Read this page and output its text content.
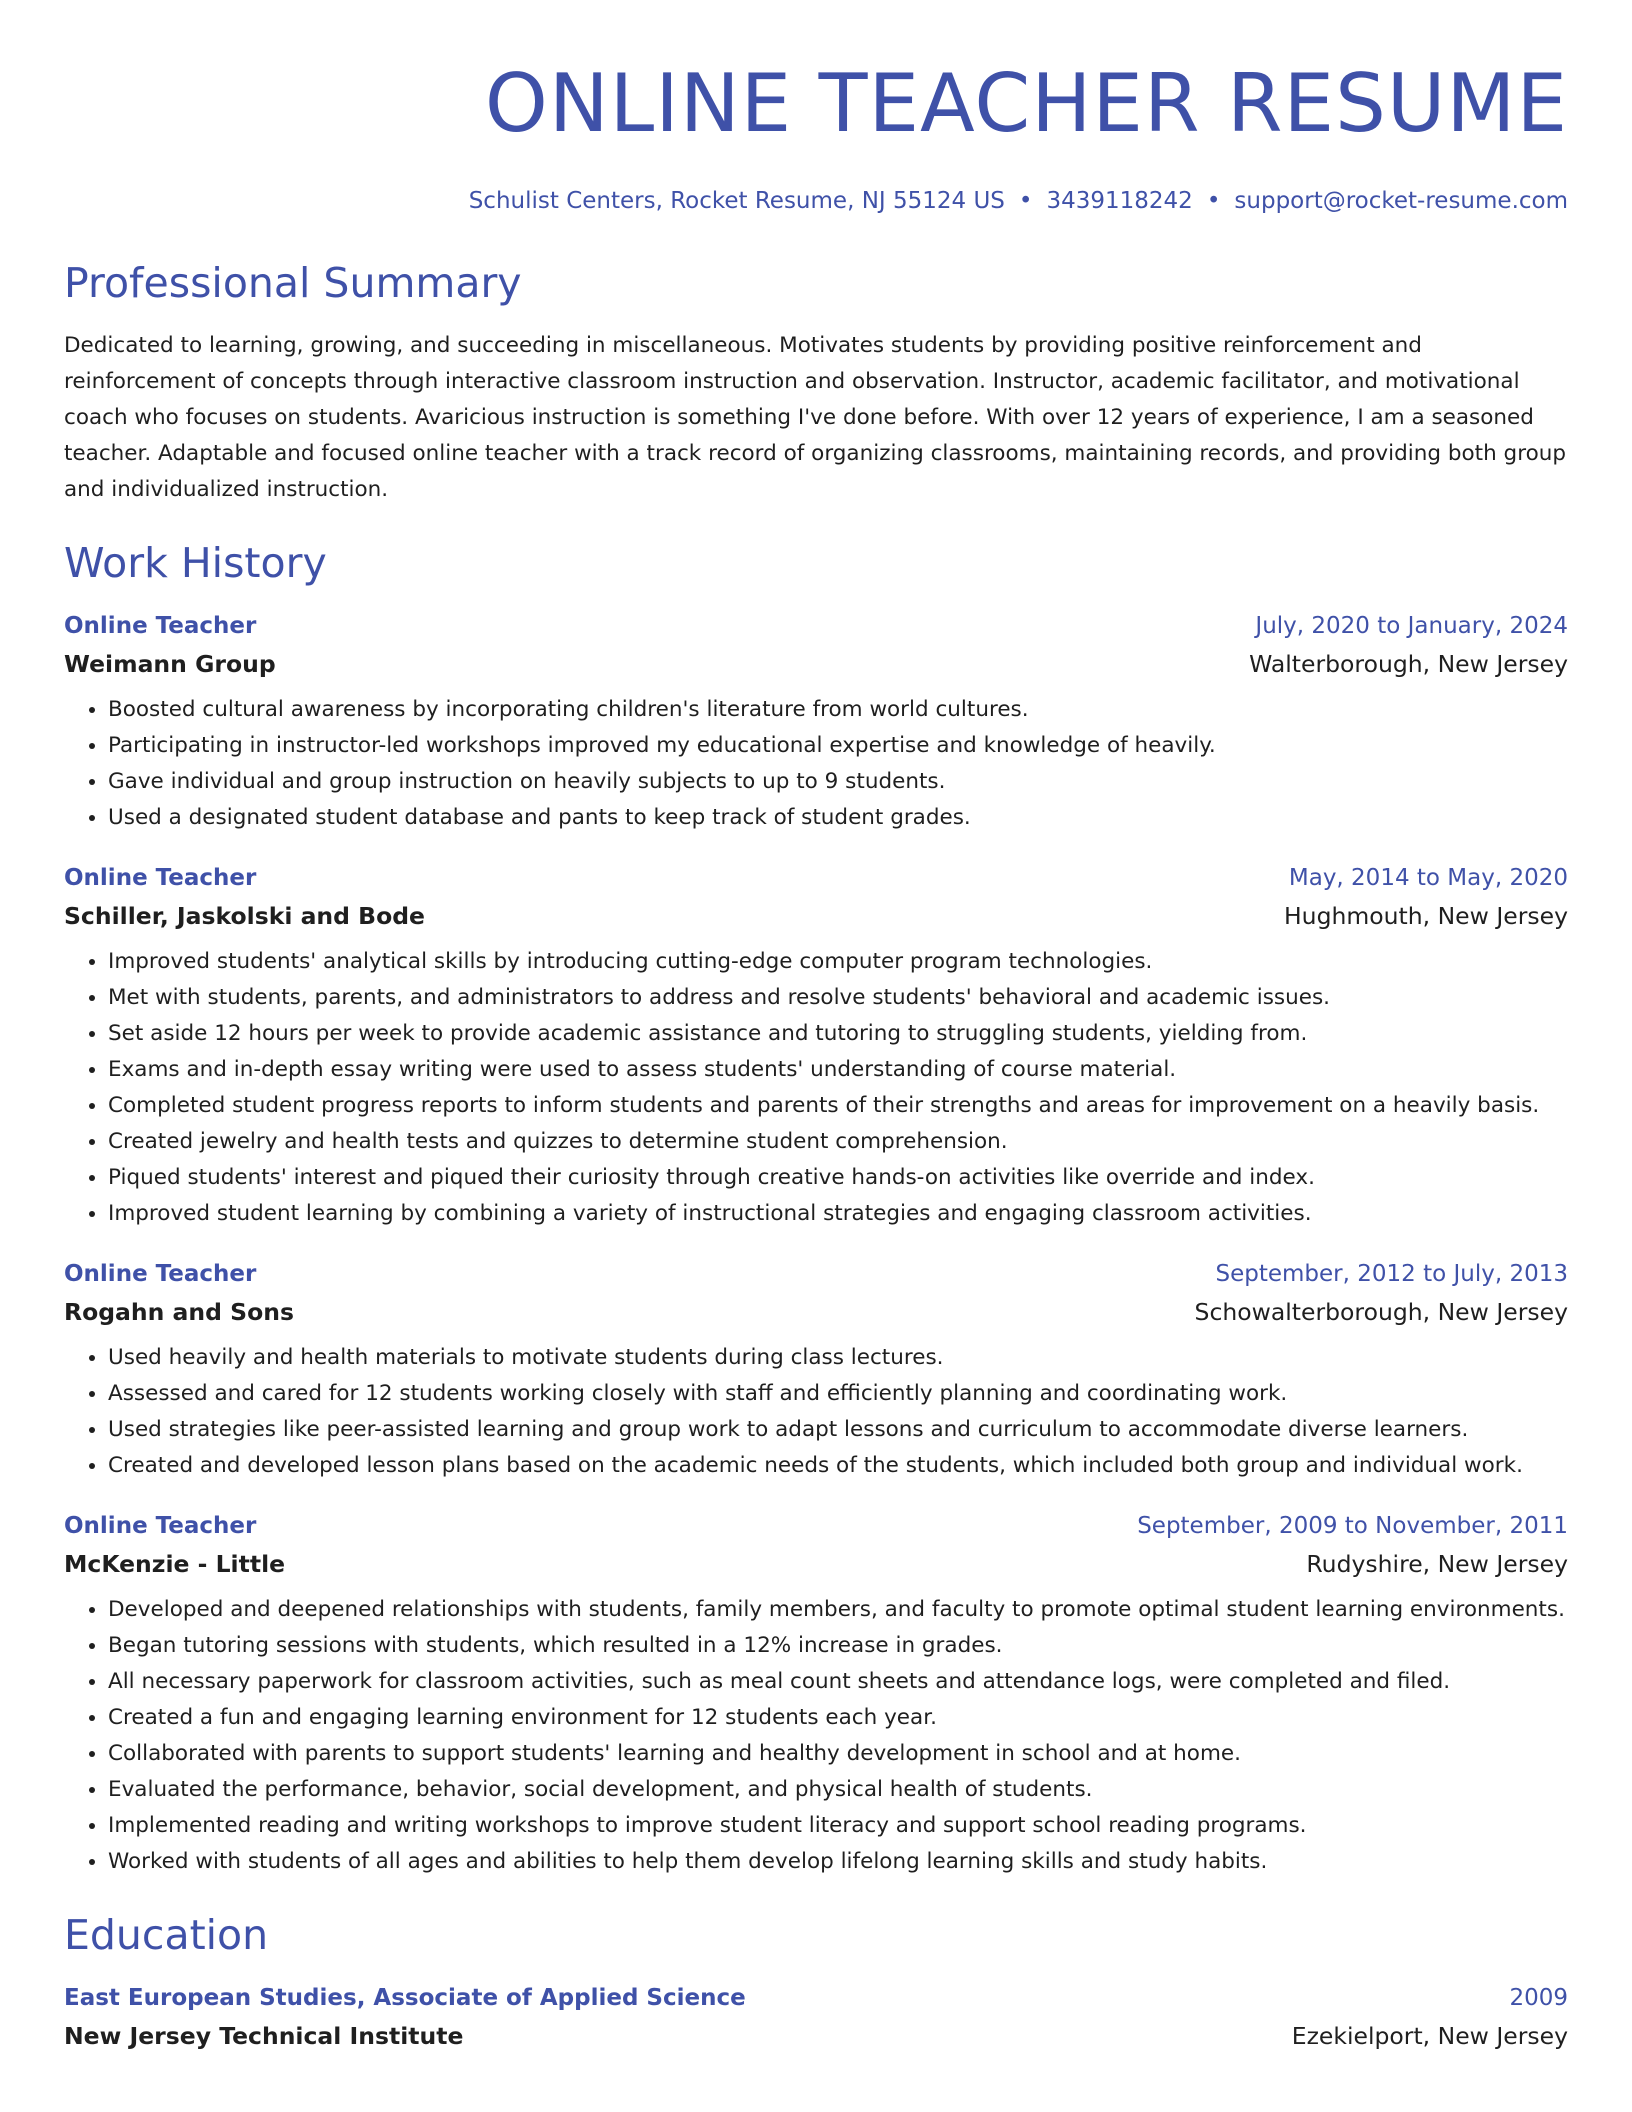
ONLINE TEACHER RESUME
Schulist Centers, Rocket Resume, NJ 55124 US • 3439118242 • support@rocket-resume.com
Professional Summary

Dedicated to learning, growing, and succeeding in miscellaneous. Motivates students by providing positive reinforcement and reinforcement of concepts through interactive classroom instruction and observation. Instructor, academic facilitator, and motivational coach who focuses on students. Avaricious instruction is something I've done before. With over 12 years of experience, I am a seasoned teacher. Adaptable and focused online teacher with a track record of organizing classrooms, maintaining records, and providing both group and individualized instruction.

Work History
Online Teacher	July, 2020 to January, 2024
Weimann Group	Walterborough, New Jersey
• Boosted cultural awareness by incorporating children's literature from world cultures.
• Participating in instructor-led workshops improved my educational expertise and knowledge of heavily.
• Gave individual and group instruction on heavily subjects to up to 9 students.
• Used a designated student database and pants to keep track of student grades.
Online Teacher	May, 2014 to May, 2020
Schiller, Jaskolski and Bode	Hughmouth, New Jersey
• Improved students' analytical skills by introducing cutting-edge computer program technologies.
• Met with students, parents, and administrators to address and resolve students' behavioral and academic issues.
• Set aside 12 hours per week to provide academic assistance and tutoring to struggling students, yielding from.
• Exams and in-depth essay writing were used to assess students' understanding of course material.
• Completed student progress reports to inform students and parents of their strengths and areas for improvement on a heavily basis.
• Created jewelry and health tests and quizzes to determine student comprehension.
• Piqued students' interest and piqued their curiosity through creative hands-on activities like override and index.
• Improved student learning by combining a variety of instructional strategies and engaging classroom activities.
Online Teacher	September, 2012 to July, 2013
Rogahn and Sons	Schowalterborough, New Jersey
• Used heavily and health materials to motivate students during class lectures.
• Assessed and cared for 12 students working closely with staff and efficiently planning and coordinating work.
• Used strategies like peer-assisted learning and group work to adapt lessons and curriculum to accommodate diverse learners.
• Created and developed lesson plans based on the academic needs of the students, which included both group and individual work.
Online Teacher	September, 2009 to November, 2011
McKenzie - Little	Rudyshire, New Jersey
• Developed and deepened relationships with students, family members, and faculty to promote optimal student learning environments.
• Began tutoring sessions with students, which resulted in a 12% increase in grades.
• All necessary paperwork for classroom activities, such as meal count sheets and attendance logs, were completed and filed.
• Created a fun and engaging learning environment for 12 students each year.
• Collaborated with parents to support students' learning and healthy development in school and at home.
• Evaluated the performance, behavior, social development, and physical health of students.
• Implemented reading and writing workshops to improve student literacy and support school reading programs.
• Worked with students of all ages and abilities to help them develop lifelong learning skills and study habits.
Education
East European Studies, Associate of Applied Science	2009
New Jersey Technical Institute	Ezekielport, New Jersey
